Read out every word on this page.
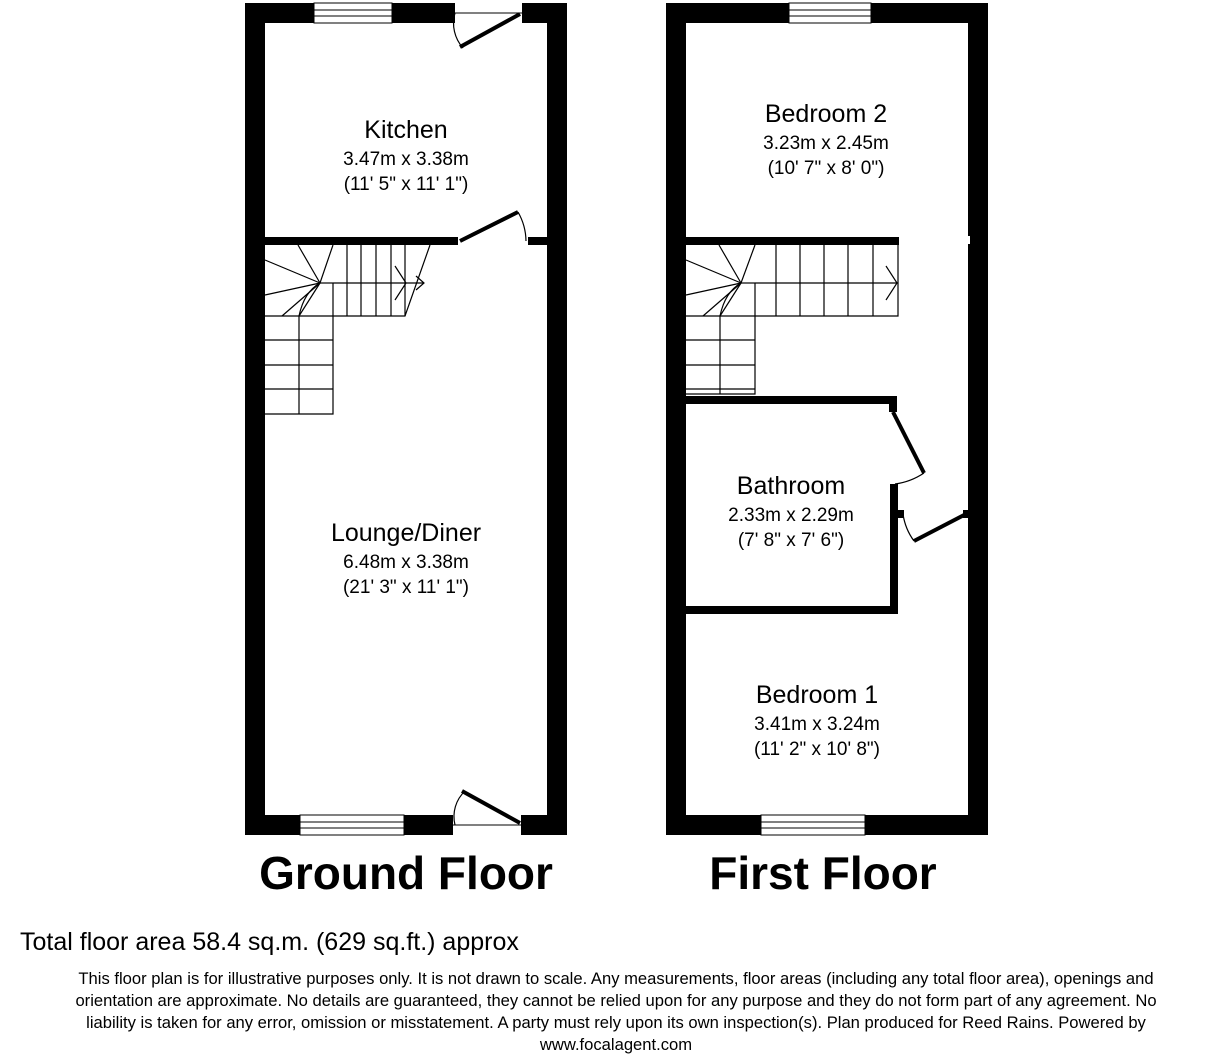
Kitchen
3.47m x 3.38m
(11' 5" x 11' 1")
Lounge/Diner
6.48m x 3.38m
(21' 3" x 11' 1")
Bedroom 2
3.23m x 2.45m
(10' 7" x 8' 0")
Bathroom
2.33m x 2.29m
(7' 8" x 7' 6")
Bedroom 1
3.41m x 3.24m
(11' 2" x 10' 8")
Ground Floor	First Floor
Total floor area 58.4 sq.m. (629 sq.ft.) approx
This floor plan is for illustrative purposes only. It is not drawn to scale. Any measurements, floor areas (including any total floor area), openings and
orientation are approximate. No details are guaranteed, they cannot be relied upon for any purpose and they do not form part of any agreement. No
liability is taken for any error, omission or misstatement. A party must rely upon its own inspection(s). Plan produced for Reed Rains. Powered by
www.focalagent.com
